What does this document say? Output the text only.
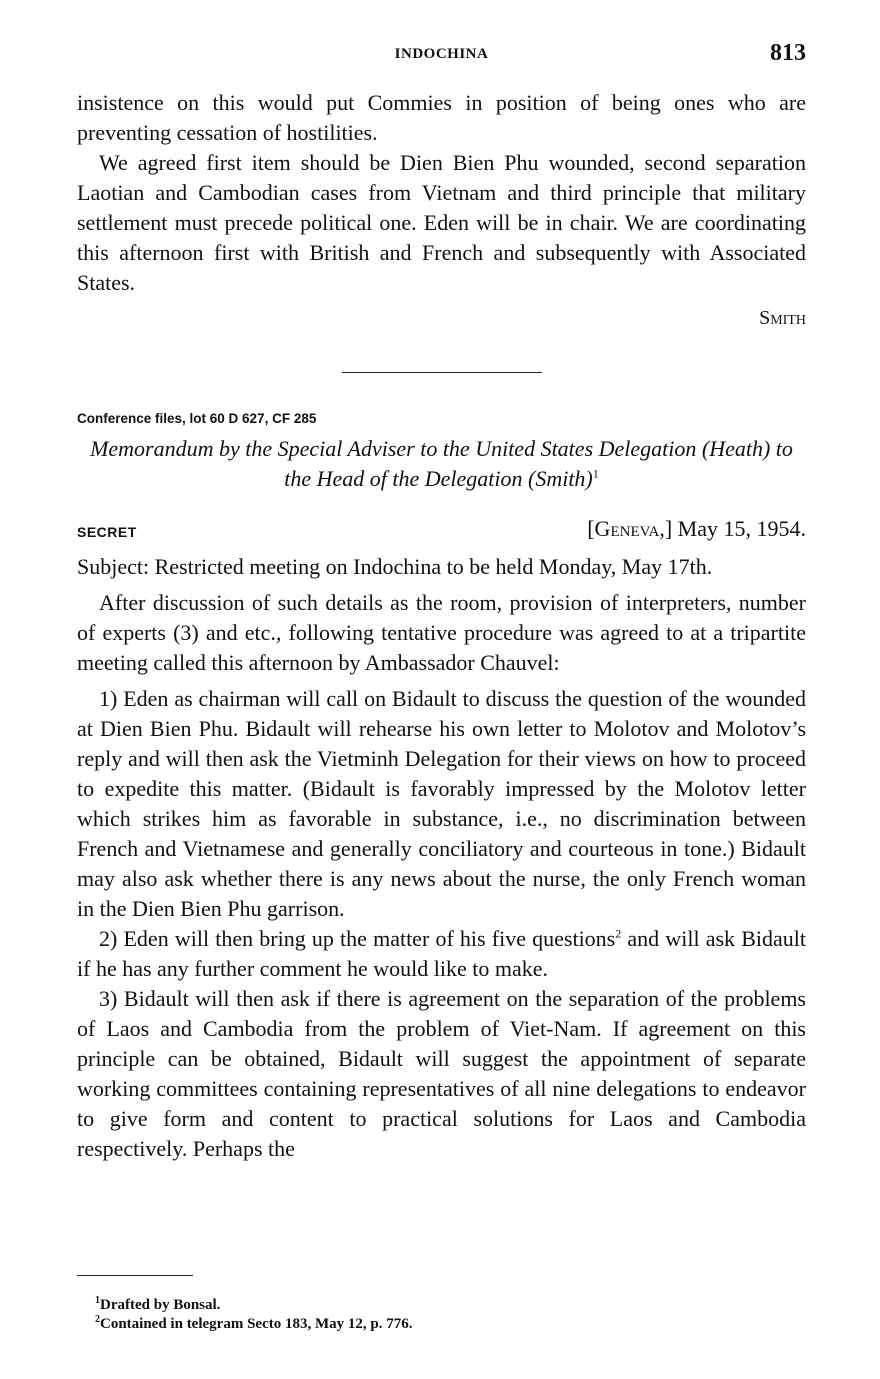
INDOCHINA	813

insistence on this would put Commies in position of being ones who are preventing cessation of hostilities.

We agreed first item should be Dien Bien Phu wounded, second separation Laotian and Cambodian cases from Vietnam and third principle that military settlement must precede political one. Eden will be in chair. We are coordinating this afternoon first with British and French and subsequently with Associated States.

Smith
Conference files, lot 60 D 627, CF 285
Memorandum by the Special Adviser to the United States Delegation (Heath) to the Head of the Delegation (Smith)$^1$
SECRET	[Geneva,] May 15, 1954.
Subject: Restricted meeting on Indochina to be held Monday, May 17th.

After discussion of such details as the room, provision of interpreters, number of experts (3) and etc., following tentative procedure was agreed to at a tripartite meeting called this afternoon by Ambassador Chauvel:

1) Eden as chairman will call on Bidault to discuss the question of the wounded at Dien Bien Phu. Bidault will rehearse his own letter to Molotov and Molotov’s reply and will then ask the Vietminh Delegation for their views on how to proceed to expedite this matter. (Bidault is favorably impressed by the Molotov letter which strikes him as favorable in substance, i.e., no discrimination between French and Vietnamese and generally conciliatory and courteous in tone.) Bidault may also ask whether there is any news about the nurse, the only French woman in the Dien Bien Phu garrison.

2) Eden will then bring up the matter of his five questions$^2$ and will ask Bidault if he has any further comment he would like to make.

3) Bidault will then ask if there is agreement on the separation of the problems of Laos and Cambodia from the problem of Viet-Nam. If agreement on this principle can be obtained, Bidault will suggest the appointment of separate working committees containing representatives of all nine delegations to endeavor to give form and content to practical solutions for Laos and Cambodia respectively. Perhaps the

$^1$Drafted by Bonsal.
$^2$Contained in telegram Secto 183, May 12, p. 776.
